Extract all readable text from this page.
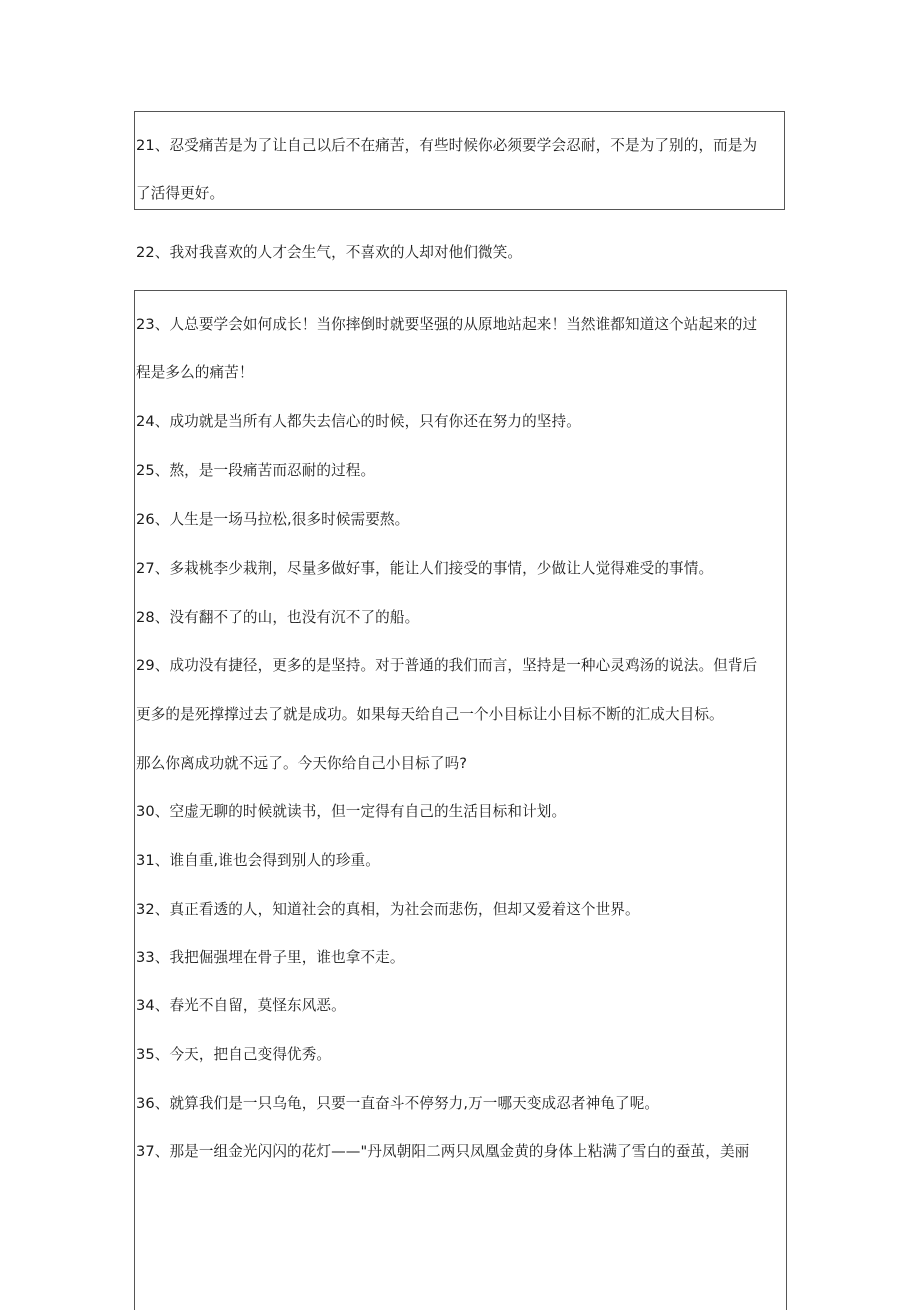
21、忍受痛苦是为了让自己以后不在痛苦，有些时候你必须要学会忍耐，不是为了别的，而是为
了活得更好。
22、我对我喜欢的人才会生气，不喜欢的人却对他们微笑。
23、人总要学会如何成长！当你摔倒时就要坚强的从原地站起来！当然谁都知道这个站起来的过
程是多么的痛苦！
24、成功就是当所有人都失去信心的时候，只有你还在努力的坚持。
25、熬，是一段痛苦而忍耐的过程。
26、人生是一场马拉松,很多时候需要熬。
27、多栽桃李少栽荆，尽量多做好事，能让人们接受的事情，少做让人觉得难受的事情。
28、没有翻不了的山，也没有沉不了的船。
29、成功没有捷径，更多的是坚持。对于普通的我们而言，坚持是一种心灵鸡汤的说法。但背后
更多的是死撑撑过去了就是成功。如果每天给自己一个小目标让小目标不断的汇成大目标。
那么你离成功就不远了。今天你给自己小目标了吗?
30、空虚无聊的时候就读书，但一定得有自己的生活目标和计划。
31、谁自重,谁也会得到别人的珍重。
32、真正看透的人，知道社会的真相，为社会而悲伤，但却又爱着这个世界。
33、我把倔强埋在骨子里，谁也拿不走。
34、春光不自留，莫怪东风恶。
35、今天，把自己变得优秀。
36、就算我们是一只乌龟，只要一直奋斗不停努力,万一哪天变成忍者神龟了呢。
37、那是一组金光闪闪的花灯——"丹凤朝阳二两只凤凰金黄的身体上粘满了雪白的蚕茧，美丽
